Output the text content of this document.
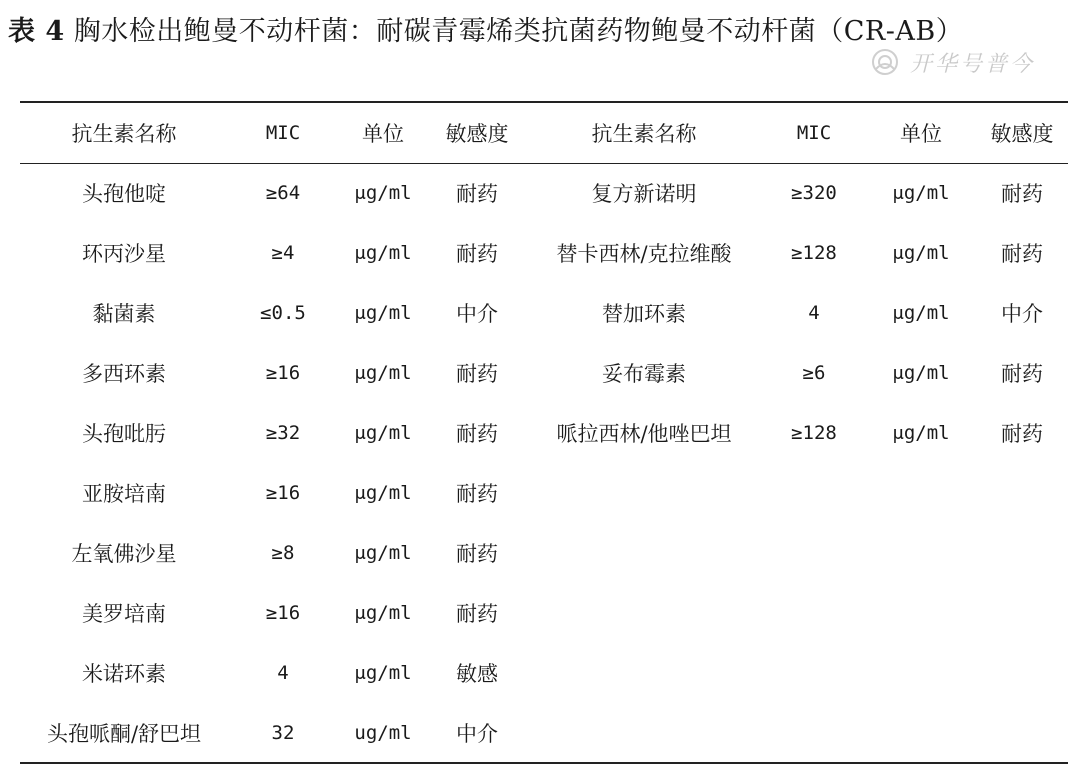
表 4 胸水检出鲍曼不动杆菌：耐碳青霉烯类抗菌药物鲍曼不动杆菌（CR-AB）
开华号普今
抗生素名称	MIC	单位	敏感度	抗生素名称	MIC	单位	敏感度
头孢他啶	≥64	μg/ml	耐药	复方新诺明	≥320	μg/ml	耐药
环丙沙星	≥4	μg/ml	耐药	替卡西林/克拉维酸	≥128	μg/ml	耐药
黏菌素	≤0.5	μg/ml	中介	替加环素	4	μg/ml	中介
多西环素	≥16	μg/ml	耐药	妥布霉素	≥6	μg/ml	耐药
头孢吡肟	≥32	μg/ml	耐药	哌拉西林/他唑巴坦	≥128	μg/ml	耐药
亚胺培南	≥16	μg/ml	耐药				
左氧佛沙星	≥8	μg/ml	耐药				
美罗培南	≥16	μg/ml	耐药				
米诺环素	4	μg/ml	敏感				
头孢哌酮/舒巴坦	32	ug/ml	中介				
